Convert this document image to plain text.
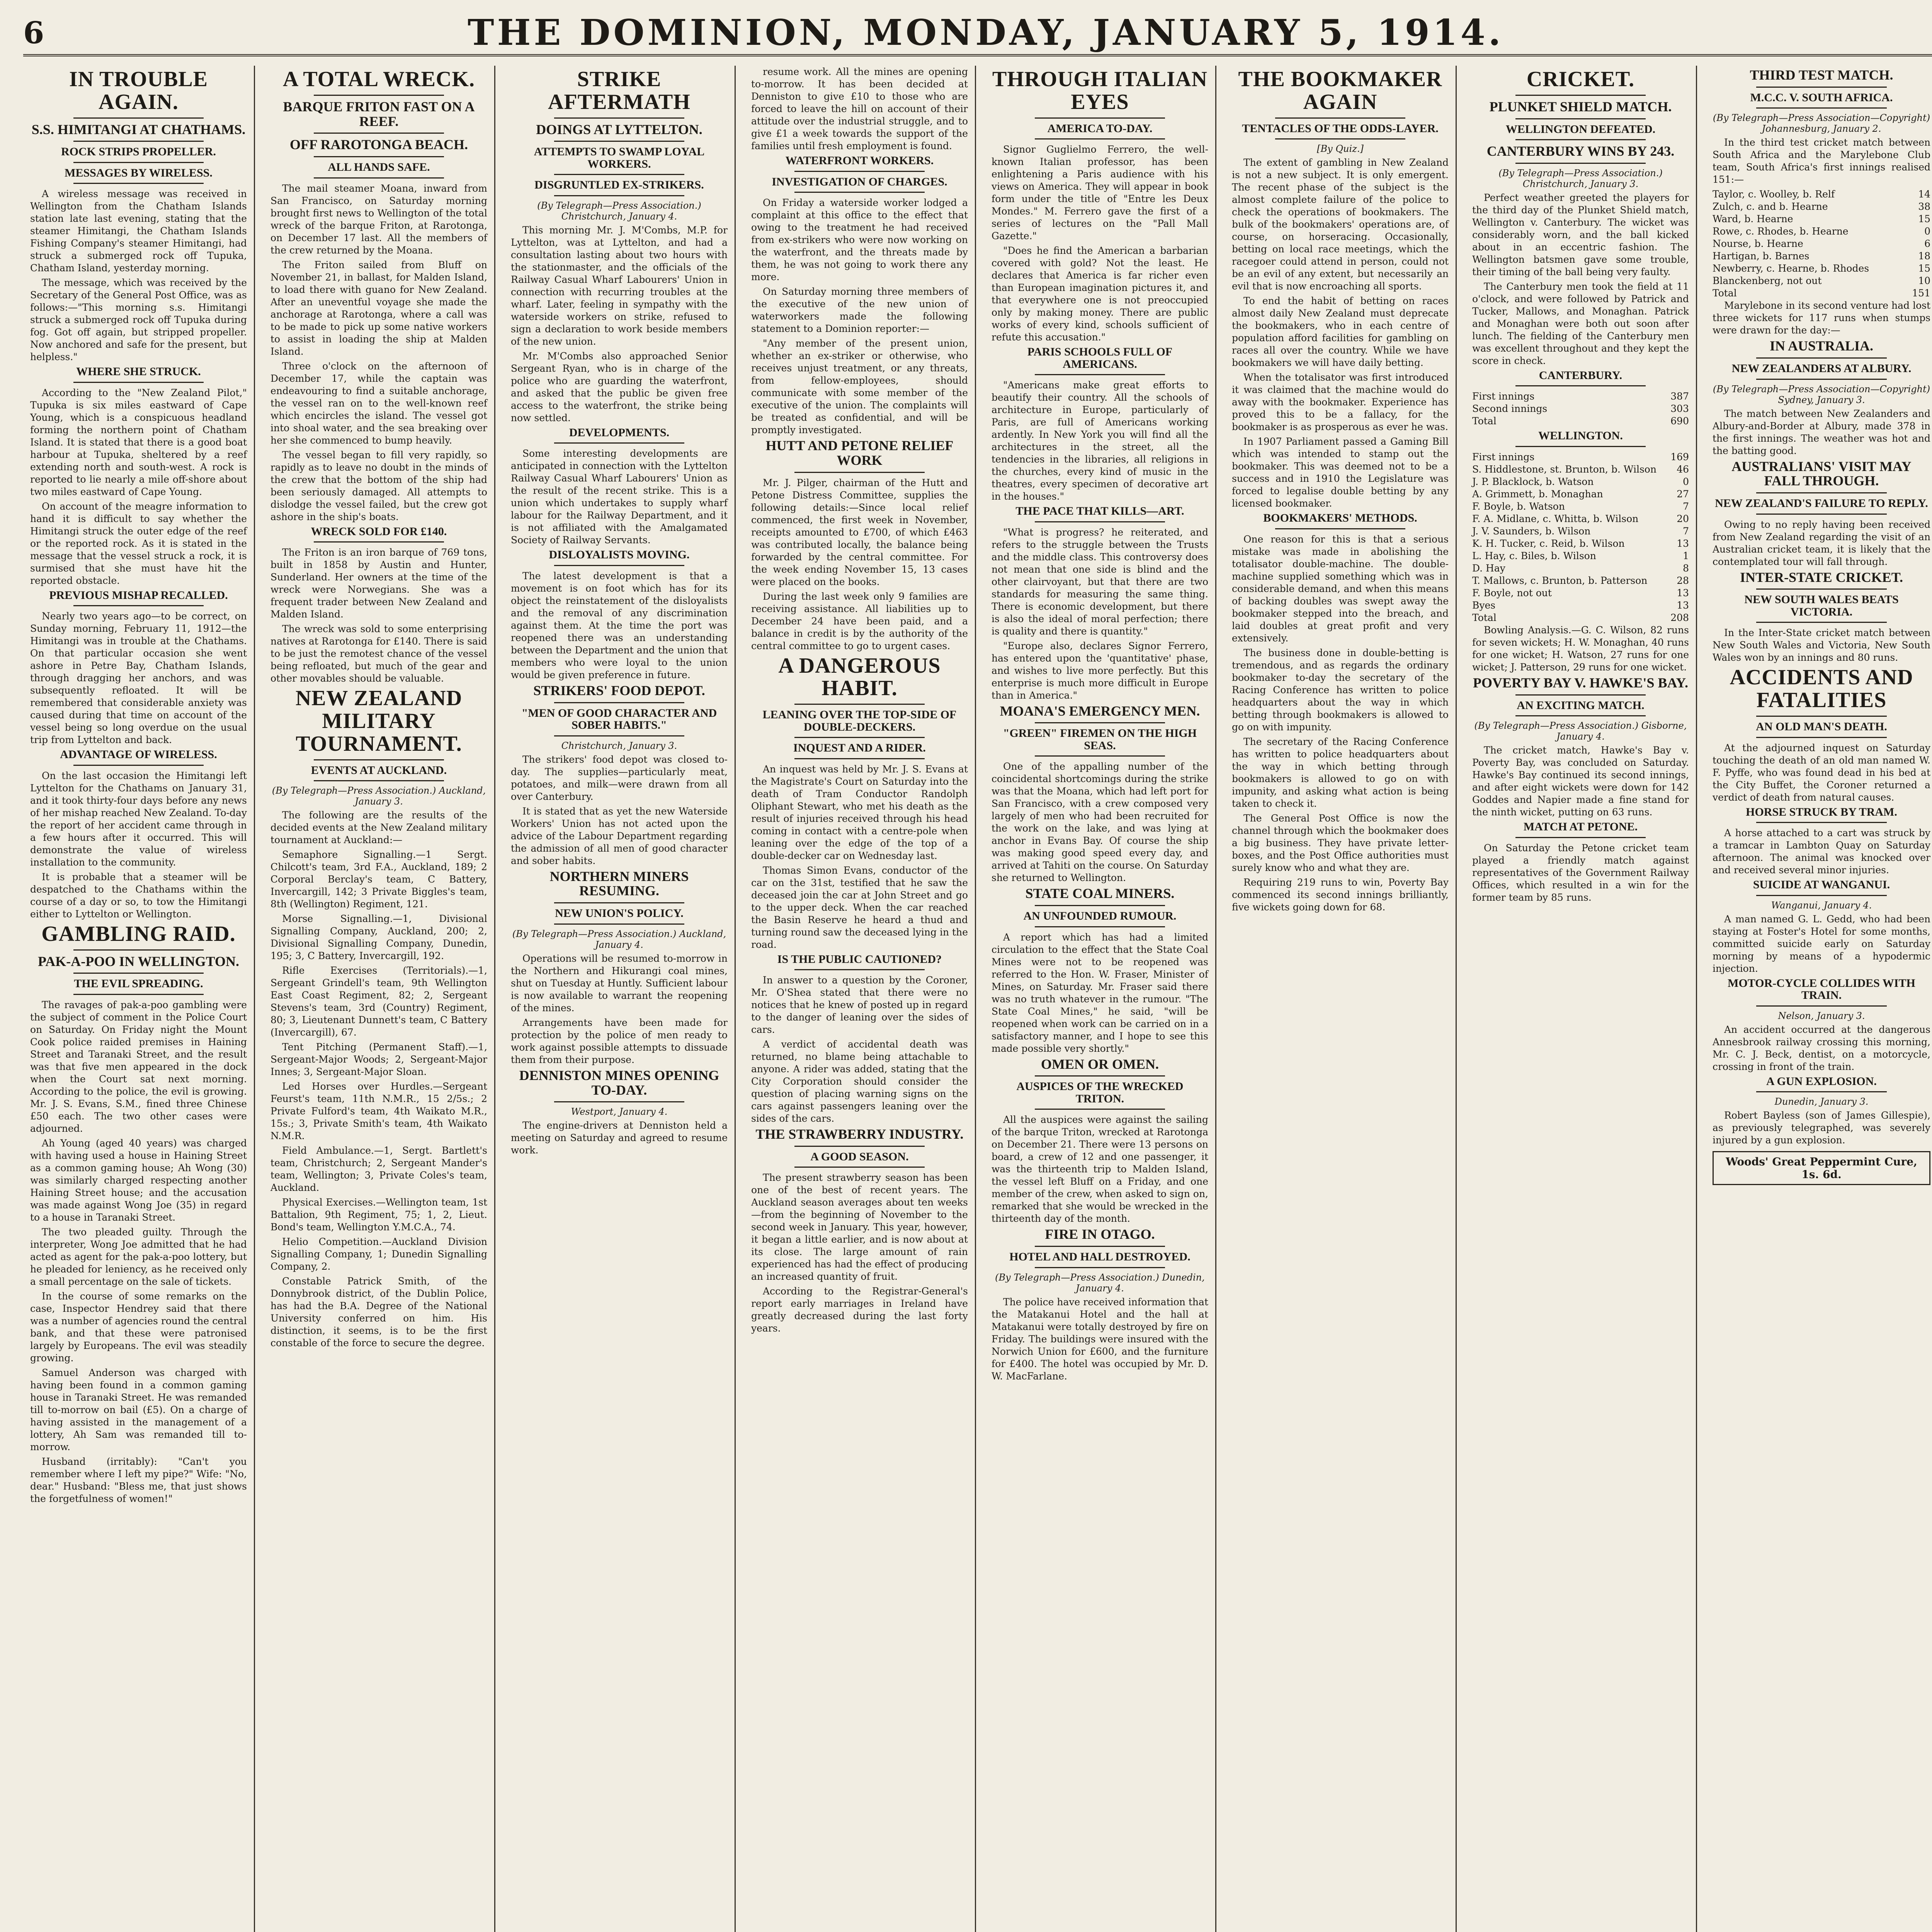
6	THE DOMINION, MONDAY, JANUARY 5, 1914.
IN TROUBLE AGAIN.
S.S. HIMITANGI AT CHATHAMS.
ROCK STRIPS PROPELLER.
MESSAGES BY WIRELESS.

A wireless message was received in Wellington from the Chatham Islands station late last evening, stating that the steamer Himitangi, the Chatham Islands Fishing Company's steamer Himitangi, had struck a submerged rock off Tupuka, Chatham Island, yesterday morning.

The message, which was received by the Secretary of the General Post Office, was as follows:—"This morning s.s. Himitangi struck a submerged rock off Tupuka during fog. Got off again, but stripped propeller. Now anchored and safe for the present, but helpless."

WHERE SHE STRUCK.

According to the "New Zealand Pilot," Tupuka is six miles eastward of Cape Young, which is a conspicuous headland forming the northern point of Chatham Island. It is stated that there is a good boat harbour at Tupuka, sheltered by a reef extending north and south-west. A rock is reported to lie nearly a mile off-shore about two miles eastward of Cape Young.

On account of the meagre information to hand it is difficult to say whether the Himitangi struck the outer edge of the reef or the reported rock. As it is stated in the message that the vessel struck a rock, it is surmised that she must have hit the reported obstacle.

PREVIOUS MISHAP RECALLED.

Nearly two years ago—to be correct, on Sunday morning, February 11, 1912—the Himitangi was in trouble at the Chathams. On that particular occasion she went ashore in Petre Bay, Chatham Islands, through dragging her anchors, and was subsequently refloated. It will be remembered that considerable anxiety was caused during that time on account of the vessel being so long overdue on the usual trip from Lyttelton and back.

ADVANTAGE OF WIRELESS.

On the last occasion the Himitangi left Lyttelton for the Chathams on January 31, and it took thirty-four days before any news of her mishap reached New Zealand. To-day the report of her accident came through in a few hours after it occurred. This will demonstrate the value of wireless installation to the community.

It is probable that a steamer will be despatched to the Chathams within the course of a day or so, to tow the Himitangi either to Lyttelton or Wellington.

GAMBLING RAID.
PAK-A-POO IN WELLINGTON.
THE EVIL SPREADING.

The ravages of pak-a-poo gambling were the subject of comment in the Police Court on Saturday. On Friday night the Mount Cook police raided premises in Haining Street and Taranaki Street, and the result was that five men appeared in the dock when the Court sat next morning. According to the police, the evil is growing. Mr. J. S. Evans, S.M., fined three Chinese £50 each. The two other cases were adjourned.

Ah Young (aged 40 years) was charged with having used a house in Haining Street as a common gaming house; Ah Wong (30) was similarly charged respecting another Haining Street house; and the accusation was made against Wong Joe (35) in regard to a house in Taranaki Street.

The two pleaded guilty. Through the interpreter, Wong Joe admitted that he had acted as agent for the pak-a-poo lottery, but he pleaded for leniency, as he received only a small percentage on the sale of tickets.

In the course of some remarks on the case, Inspector Hendrey said that there was a number of agencies round the central bank, and that these were patronised largely by Europeans. The evil was steadily growing.

Samuel Anderson was charged with having been found in a common gaming house in Taranaki Street. He was remanded till to-morrow on bail (£5). On a charge of having assisted in the management of a lottery, Ah Sam was remanded till to-morrow.

Husband (irritably): "Can't you remember where I left my pipe?" Wife: "No, dear." Husband: "Bless me, that just shows the forgetfulness of women!"

A TOTAL WRECK.
BARQUE FRITON FAST ON A REEF.
OFF RAROTONGA BEACH.
ALL HANDS SAFE.

The mail steamer Moana, inward from San Francisco, on Saturday morning brought first news to Wellington of the total wreck of the barque Friton, at Rarotonga, on December 17 last. All the members of the crew returned by the Moana.

The Friton sailed from Bluff on November 21, in ballast, for Malden Island, to load there with guano for New Zealand. After an uneventful voyage she made the anchorage at Rarotonga, where a call was to be made to pick up some native workers to assist in loading the ship at Malden Island.

Three o'clock on the afternoon of December 17, while the captain was endeavouring to find a suitable anchorage, the vessel ran on to the well-known reef which encircles the island. The vessel got into shoal water, and the sea breaking over her she commenced to bump heavily.

The vessel began to fill very rapidly, so rapidly as to leave no doubt in the minds of the crew that the bottom of the ship had been seriously damaged. All attempts to dislodge the vessel failed, but the crew got ashore in the ship's boats.

WRECK SOLD FOR £140.

The Friton is an iron barque of 769 tons, built in 1858 by Austin and Hunter, Sunderland. Her owners at the time of the wreck were Norwegians. She was a frequent trader between New Zealand and Malden Island.

The wreck was sold to some enterprising natives at Rarotonga for £140. There is said to be just the remotest chance of the vessel being refloated, but much of the gear and other movables should be valuable.

NEW ZEALAND MILITARY TOURNAMENT.
EVENTS AT AUCKLAND.
(By Telegraph—Press Association.) Auckland, January 3.

The following are the results of the decided events at the New Zealand military tournament at Auckland:—

Semaphore Signalling.—1 Sergt. Chilcott's team, 3rd F.A., Auckland, 189; 2 Corporal Berclay's team, C Battery, Invercargill, 142; 3 Private Biggles's team, 8th (Wellington) Regiment, 121.

Morse Signalling.—1, Divisional Signalling Company, Auckland, 200; 2, Divisional Signalling Company, Dunedin, 195; 3, C Battery, Invercargill, 192.

Rifle Exercises (Territorials).—1, Sergeant Grindell's team, 9th Wellington East Coast Regiment, 82; 2, Sergeant Stevens's team, 3rd (Country) Regiment, 80; 3, Lieutenant Dunnett's team, C Battery (Invercargill), 67.

Tent Pitching (Permanent Staff).—1, Sergeant-Major Woods; 2, Sergeant-Major Innes; 3, Sergeant-Major Sloan.

Led Horses over Hurdles.—Sergeant Feurst's team, 11th N.M.R., 15 2/5s.; 2 Private Fulford's team, 4th Waikato M.R., 15s.; 3, Private Smith's team, 4th Waikato N.M.R.

Field Ambulance.—1, Sergt. Bartlett's team, Christchurch; 2, Sergeant Mander's team, Wellington; 3, Private Coles's team, Auckland.

Physical Exercises.—Wellington team, 1st Battalion, 9th Regiment, 75; 1, 2, Lieut. Bond's team, Wellington Y.M.C.A., 74.

Helio Competition.—Auckland Division Signalling Company, 1; Dunedin Signalling Company, 2.

Constable Patrick Smith, of the Donnybrook district, of the Dublin Police, has had the B.A. Degree of the National University conferred on him. His distinction, it seems, is to be the first constable of the force to secure the degree.

STRIKE AFTERMATH
DOINGS AT LYTTELTON.
ATTEMPTS TO SWAMP LOYAL WORKERS.
DISGRUNTLED EX-STRIKERS.
(By Telegraph—Press Association.) Christchurch, January 4.

This morning Mr. J. M'Combs, M.P. for Lyttelton, was at Lyttelton, and had a consultation lasting about two hours with the stationmaster, and the officials of the Railway Casual Wharf Labourers' Union in connection with recurring troubles at the wharf. Later, feeling in sympathy with the waterside workers on strike, refused to sign a declaration to work beside members of the new union.

Mr. M'Combs also approached Senior Sergeant Ryan, who is in charge of the police who are guarding the waterfront, and asked that the public be given free access to the waterfront, the strike being now settled.

DEVELOPMENTS.

Some interesting developments are anticipated in connection with the Lyttelton Railway Casual Wharf Labourers' Union as the result of the recent strike. This is a union which undertakes to supply wharf labour for the Railway Department, and it is not affiliated with the Amalgamated Society of Railway Servants.

DISLOYALISTS MOVING.

The latest development is that a movement is on foot which has for its object the reinstatement of the disloyalists and the removal of any discrimination against them. At the time the port was reopened there was an understanding between the Department and the union that members who were loyal to the union would be given preference in future.

STRIKERS' FOOD DEPOT.
"MEN OF GOOD CHARACTER AND SOBER HABITS."
Christchurch, January 3.

The strikers' food depot was closed to-day. The supplies—particularly meat, potatoes, and milk—were drawn from all over Canterbury.

It is stated that as yet the new Waterside Workers' Union has not acted upon the advice of the Labour Department regarding the admission of all men of good character and sober habits.

NORTHERN MINERS RESUMING.
NEW UNION'S POLICY.
(By Telegraph—Press Association.) Auckland, January 4.

Operations will be resumed to-morrow in the Northern and Hikurangi coal mines, shut on Tuesday at Huntly. Sufficient labour is now available to warrant the reopening of the mines.

Arrangements have been made for protection by the police of men ready to work against possible attempts to dissuade them from their purpose.

DENNISTON MINES OPENING TO-DAY.
Westport, January 4.

The engine-drivers at Denniston held a meeting on Saturday and agreed to resume work.

resume work. All the mines are opening to-morrow. It has been decided at Denniston to give £10 to those who are forced to leave the hill on account of their attitude over the industrial struggle, and to give £1 a week towards the support of the families until fresh employment is found.

WATERFRONT WORKERS.
INVESTIGATION OF CHARGES.

On Friday a waterside worker lodged a complaint at this office to the effect that owing to the treatment he had received from ex-strikers who were now working on the waterfront, and the threats made by them, he was not going to work there any more.

On Saturday morning three members of the executive of the new union of waterworkers made the following statement to a Dominion reporter:—

"Any member of the present union, whether an ex-striker or otherwise, who receives unjust treatment, or any threats, from fellow-employees, should communicate with some member of the executive of the union. The complaints will be treated as confidential, and will be promptly investigated.

HUTT AND PETONE RELIEF WORK

Mr. J. Pilger, chairman of the Hutt and Petone Distress Committee, supplies the following details:—Since local relief commenced, the first week in November, receipts amounted to £700, of which £463 was contributed locally, the balance being forwarded by the central committee. For the week ending November 15, 13 cases were placed on the books.

During the last week only 9 families are receiving assistance. All liabilities up to December 24 have been paid, and a balance in credit is by the authority of the central committee to go to urgent cases.

A DANGEROUS HABIT.
LEANING OVER THE TOP-SIDE OF DOUBLE-DECKERS.
INQUEST AND A RIDER.

An inquest was held by Mr. J. S. Evans at the Magistrate's Court on Saturday into the death of Tram Conductor Randolph Oliphant Stewart, who met his death as the result of injuries received through his head coming in contact with a centre-pole when leaning over the edge of the top of a double-decker car on Wednesday last.

Thomas Simon Evans, conductor of the car on the 31st, testified that he saw the deceased join the car at John Street and go to the upper deck. When the car reached the Basin Reserve he heard a thud and turning round saw the deceased lying in the road.

IS THE PUBLIC CAUTIONED?

In answer to a question by the Coroner, Mr. O'Shea stated that there were no notices that he knew of posted up in regard to the danger of leaning over the sides of cars.

A verdict of accidental death was returned, no blame being attachable to anyone. A rider was added, stating that the City Corporation should consider the question of placing warning signs on the cars against passengers leaning over the sides of the cars.

THE STRAWBERRY INDUSTRY.
A GOOD SEASON.

The present strawberry season has been one of the best of recent years. The Auckland season averages about ten weeks—from the beginning of November to the second week in January. This year, however, it began a little earlier, and is now about at its close. The large amount of rain experienced has had the effect of producing an increased quantity of fruit.

According to the Registrar-General's report early marriages in Ireland have greatly decreased during the last forty years.

THROUGH ITALIAN EYES
AMERICA TO-DAY.

Signor Guglielmo Ferrero, the well-known Italian professor, has been enlightening a Paris audience with his views on America. They will appear in book form under the title of "Entre les Deux Mondes." M. Ferrero gave the first of a series of lectures on the "Pall Mall Gazette."

"Does he find the American a barbarian covered with gold? Not the least. He declares that America is far richer even than European imagination pictures it, and that everywhere one is not preoccupied only by making money. There are public works of every kind, schools sufficient of refute this accusation."

PARIS SCHOOLS FULL OF AMERICANS.

"Americans make great efforts to beautify their country. All the schools of architecture in Europe, particularly of Paris, are full of Americans working ardently. In New York you will find all the architectures in the street, all the tendencies in the libraries, all religions in the churches, every kind of music in the theatres, every specimen of decorative art in the houses."

THE PACE THAT KILLS—ART.

"What is progress? he reiterated, and refers to the struggle between the Trusts and the middle class. This controversy does not mean that one side is blind and the other clairvoyant, but that there are two standards for measuring the same thing. There is economic development, but there is also the ideal of moral perfection; there is quality and there is quantity."

"Europe also, declares Signor Ferrero, has entered upon the 'quantitative' phase, and wishes to live more perfectly. But this enterprise is much more difficult in Europe than in America."

MOANA'S EMERGENCY MEN.
"GREEN" FIREMEN ON THE HIGH SEAS.

One of the appalling number of the coincidental shortcomings during the strike was that the Moana, which had left port for San Francisco, with a crew composed very largely of men who had been recruited for the work on the lake, and was lying at anchor in Evans Bay. Of course the ship was making good speed every day, and arrived at Tahiti on the course. On Saturday she returned to Wellington.

STATE COAL MINERS.
AN UNFOUNDED RUMOUR.

A report which has had a limited circulation to the effect that the State Coal Mines were not to be reopened was referred to the Hon. W. Fraser, Minister of Mines, on Saturday. Mr. Fraser said there was no truth whatever in the rumour. "The State Coal Mines," he said, "will be reopened when work can be carried on in a satisfactory manner, and I hope to see this made possible very shortly."

OMEN OR OMEN.
AUSPICES OF THE WRECKED TRITON.

All the auspices were against the sailing of the barque Triton, wrecked at Rarotonga on December 21. There were 13 persons on board, a crew of 12 and one passenger, it was the thirteenth trip to Malden Island, the vessel left Bluff on a Friday, and one member of the crew, when asked to sign on, remarked that she would be wrecked in the thirteenth day of the month.

FIRE IN OTAGO.
HOTEL AND HALL DESTROYED.
(By Telegraph—Press Association.) Dunedin, January 4.

The police have received information that the Matakanui Hotel and the hall at Matakanui were totally destroyed by fire on Friday. The buildings were insured with the Norwich Union for £600, and the furniture for £400. The hotel was occupied by Mr. D. W. MacFarlane.

THE BOOKMAKER AGAIN
TENTACLES OF THE ODDS-LAYER.
[By Quiz.]

The extent of gambling in New Zealand is not a new subject. It is only emergent. The recent phase of the subject is the almost complete failure of the police to check the operations of bookmakers. The bulk of the bookmakers' operations are, of course, on horseracing. Occasionally, betting on local race meetings, which the racegoer could attend in person, could not be an evil of any extent, but necessarily an evil that is now encroaching all sports.

To end the habit of betting on races almost daily New Zealand must deprecate the bookmakers, who in each centre of population afford facilities for gambling on races all over the country. While we have bookmakers we will have daily betting.

When the totalisator was first introduced it was claimed that the machine would do away with the bookmaker. Experience has proved this to be a fallacy, for the bookmaker is as prosperous as ever he was.

In 1907 Parliament passed a Gaming Bill which was intended to stamp out the bookmaker. This was deemed not to be a success and in 1910 the Legislature was forced to legalise double betting by any licensed bookmaker.

BOOKMAKERS' METHODS.

One reason for this is that a serious mistake was made in abolishing the totalisator double-machine. The double-machine supplied something which was in considerable demand, and when this means of backing doubles was swept away the bookmaker stepped into the breach, and laid doubles at great profit and very extensively.

The business done in double-betting is tremendous, and as regards the ordinary bookmaker to-day the secretary of the Racing Conference has written to police headquarters about the way in which betting through bookmakers is allowed to go on with impunity.

The secretary of the Racing Conference has written to police headquarters about the way in which betting through bookmakers is allowed to go on with impunity, and asking what action is being taken to check it.

The General Post Office is now the channel through which the bookmaker does a big business. They have private letter-boxes, and the Post Office authorities must surely know who and what they are.

Requiring 219 runs to win, Poverty Bay commenced its second innings brilliantly, five wickets going down for 68.

CRICKET.
PLUNKET SHIELD MATCH.
WELLINGTON DEFEATED.
CANTERBURY WINS BY 243.
(By Telegraph—Press Association.) Christchurch, January 3.

Perfect weather greeted the players for the third day of the Plunket Shield match, Wellington v. Canterbury. The wicket was considerably worn, and the ball kicked about in an eccentric fashion. The Wellington batsmen gave some trouble, their timing of the ball being very faulty.

The Canterbury men took the field at 11 o'clock, and were followed by Patrick and Tucker, Mallows, and Monaghan. Patrick and Monaghan were both out soon after lunch. The fielding of the Canterbury men was excellent throughout and they kept the score in check.

CANTERBURY.
First innings	387
Second innings	303
Total	690
WELLINGTON.
First innings	169
S. Hiddlestone, st. Brunton, b. Wilson 46
J. P. Blacklock, b. Watson	0
A. Grimmett, b. Monaghan	27
F. Boyle, b. Watson	7
F. A. Midlane, c. Whitta, b. Wilson	20
J. V. Saunders, b. Wilson	7
K. H. Tucker, c. Reid, b. Wilson	13
L. Hay, c. Biles, b. Wilson	1
D. Hay	8
T. Mallows, c. Brunton, b. Patterson	28
F. Boyle, not out	13
Byes	13
Total	208

Bowling Analysis.—G. C. Wilson, 82 runs for seven wickets; H. W. Monaghan, 40 runs for one wicket; H. Watson, 27 runs for one wicket; J. Patterson, 29 runs for one wicket.

POVERTY BAY V. HAWKE'S BAY.
AN EXCITING MATCH.
(By Telegraph—Press Association.) Gisborne, January 4.

The cricket match, Hawke's Bay v. Poverty Bay, was concluded on Saturday. Hawke's Bay continued its second innings, and after eight wickets were down for 142 Goddes and Napier made a fine stand for the ninth wicket, putting on 63 runs.

MATCH AT PETONE.

On Saturday the Petone cricket team played a friendly match against representatives of the Government Railway Offices, which resulted in a win for the former team by 85 runs.

THIRD TEST MATCH.
M.C.C. V. SOUTH AFRICA.
(By Telegraph—Press Association—Copyright) Johannesburg, January 2.

In the third test cricket match between South Africa and the Marylebone Club team, South Africa's first innings realised 151:—

Taylor, c. Woolley, b. Relf	14
Zulch, c. and b. Hearne	38
Ward, b. Hearne	15
Rowe, c. Rhodes, b. Hearne	0
Nourse, b. Hearne	6
Hartigan, b. Barnes	18
Newberry, c. Hearne, b. Rhodes	15
Blanckenberg, not out	10
Total	151

Marylebone in its second venture had lost three wickets for 117 runs when stumps were drawn for the day:—

IN AUSTRALIA.
NEW ZEALANDERS AT ALBURY.
(By Telegraph—Press Association—Copyright) Sydney, January 3.

The match between New Zealanders and Albury-and-Border at Albury, made 378 in the first innings. The weather was hot and the batting good.

AUSTRALIANS' VISIT MAY FALL THROUGH.
NEW ZEALAND'S FAILURE TO REPLY.

Owing to no reply having been received from New Zealand regarding the visit of an Australian cricket team, it is likely that the contemplated tour will fall through.

INTER-STATE CRICKET.
NEW SOUTH WALES BEATS VICTORIA.

In the Inter-State cricket match between New South Wales and Victoria, New South Wales won by an innings and 80 runs.

ACCIDENTS AND FATALITIES
AN OLD MAN'S DEATH.

At the adjourned inquest on Saturday touching the death of an old man named W. F. Pyffe, who was found dead in his bed at the City Buffet, the Coroner returned a verdict of death from natural causes.

HORSE STRUCK BY TRAM.

A horse attached to a cart was struck by a tramcar in Lambton Quay on Saturday afternoon. The animal was knocked over and received several minor injuries.

SUICIDE AT WANGANUI.
Wanganui, January 4.

A man named G. L. Gedd, who had been staying at Foster's Hotel for some months, committed suicide early on Saturday morning by means of a hypodermic injection.

MOTOR-CYCLE COLLIDES WITH TRAIN.
Nelson, January 3.

An accident occurred at the dangerous Annesbrook railway crossing this morning, Mr. C. J. Beck, dentist, on a motorcycle, crossing in front of the train.

A GUN EXPLOSION.
Dunedin, January 3.

Robert Bayless (son of James Gillespie), as previously telegraphed, was severely injured by a gun explosion.

Woods' Great Peppermint Cure, 1s. 6d.
